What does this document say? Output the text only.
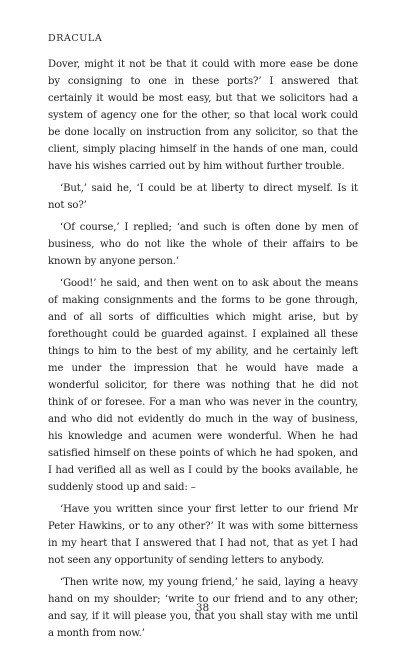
DRACULA

Dover, might it not be that it could with more ease be done by consigning to one in these ports?’ I answered that certainly it would be most easy, but that we solicitors had a system of agency one for the other, so that local work could be done locally on instruction from any solicitor, so that the client, simply placing himself in the hands of one man, could have his wishes carried out by him without further trouble.

‘But,’ said he, ‘I could be at liberty to direct myself. Is it not so?’

‘Of course,’ I replied; ‘and such is often done by men of business, who do not like the whole of their affairs to be known by anyone person.’

‘Good!’ he said, and then went on to ask about the means of making consignments and the forms to be gone through, and of all sorts of difficulties which might arise, but by forethought could be guarded against. I explained all these things to him to the best of my ability, and he certainly left me under the impression that he would have made a wonderful solicitor, for there was nothing that he did not think of or foresee. For a man who was never in the country, and who did not evidently do much in the way of business, his knowledge and acumen were wonderful. When he had satisfied himself on these points of which he had spoken, and I had verified all as well as I could by the books available, he suddenly stood up and said: –

‘Have you written since your first letter to our friend Mr Peter Hawkins, or to any other?’ It was with some bitterness in my heart that I answered that I had not, that as yet I had not seen any opportunity of sending letters to anybody.

‘Then write now, my young friend,’ he said, laying a heavy hand on my shoulder; ‘write to our friend and to any other; and say, if it will please you, that you shall stay with me until a month from now.’

38
